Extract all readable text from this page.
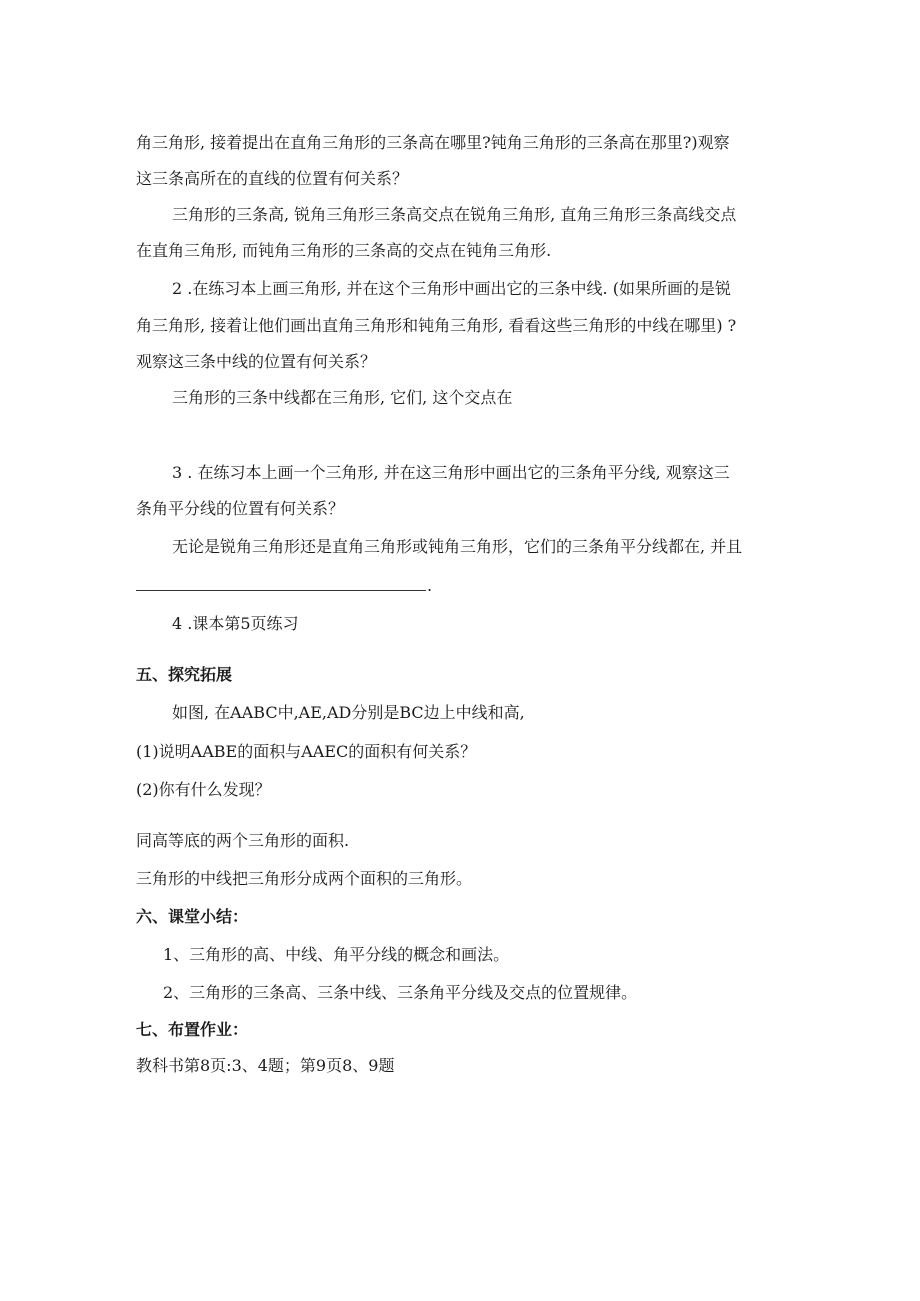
角三角形, 接着提出在直角三角形的三条高在哪里?钝角三角形的三条高在那里?)观察
这三条高所在的直线的位置有何关系？
三角形的三条高, 锐角三角形三条高交点在锐角三角形, 直角三角形三条高线交点
在直角三角形, 而钝角三角形的三条高的交点在钝角三角形.
2 .在练习本上画三角形, 并在这个三角形中画出它的三条中线. (如果所画的是锐
角三角形, 接着让他们画出直角三角形和钝角三角形, 看看这些三角形的中线在哪里) ?
观察这三条中线的位置有何关系？
三角形的三条中线都在三角形, 它们, 这个交点在
3 . 在练习本上画一个三角形, 并在这三角形中画出它的三条角平分线, 观察这三
条角平分线的位置有何关系？
无论是锐角三角形还是直角三角形或钝角三角形，它们的三条角平分线都在, 并且
.
4 .课本第5页练习
五、探究拓展
如图, 在AABC中,AE,AD分别是BC边上中线和高,
(1)说明AABE的面积与AAEC的面积有何关系？
(2)你有什么发现？
同高等底的两个三角形的面积.
三角形的中线把三角形分成两个面积的三角形。
六、课堂小结：
1、三角形的高、中线、角平分线的概念和画法。
2、三角形的三条高、三条中线、三条角平分线及交点的位置规律。
七、布置作业：
教科书第8页:3、4题；第9页8、9题
